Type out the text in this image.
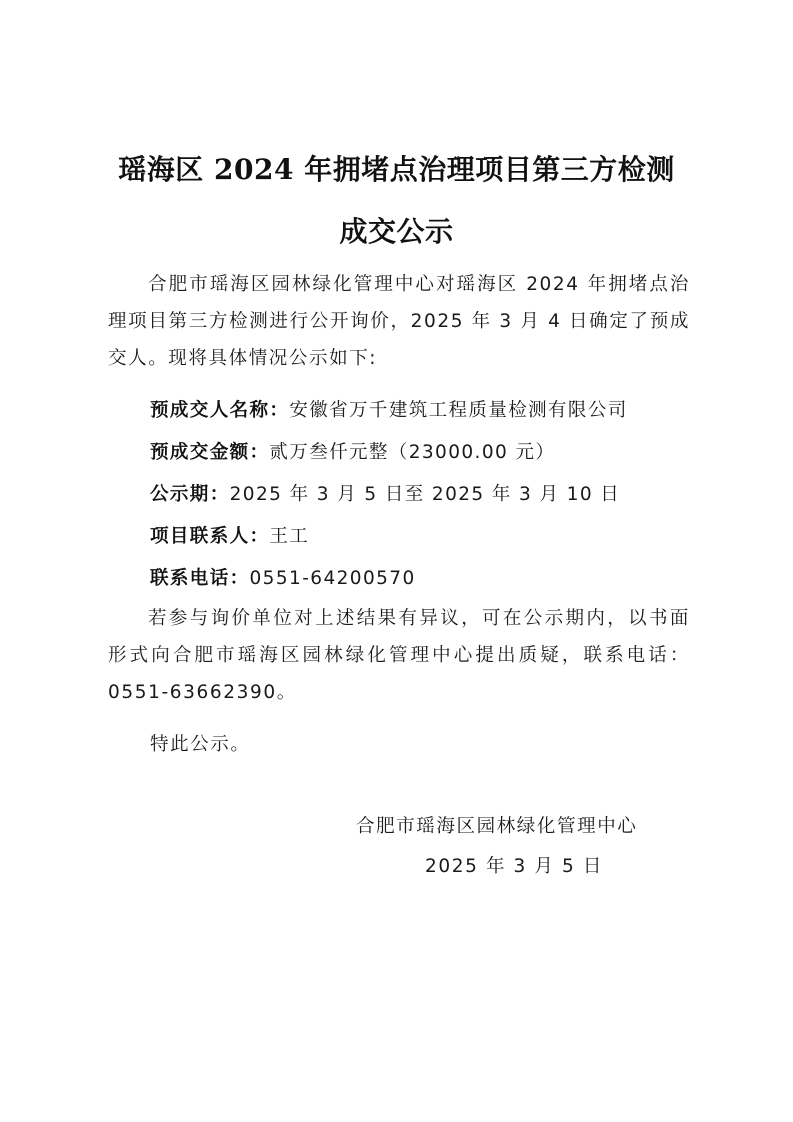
瑶海区 2024 年拥堵点治理项目第三方检测
成交公示
合肥市瑶海区园林绿化管理中心对瑶海区 2024 年拥堵点治理项目第三方检测进行公开询价，2025 年 3 月 4 日确定了预成交人。现将具体情况公示如下:
预成交人名称：安徽省万千建筑工程质量检测有限公司
预成交金额：贰万叁仟元整（23000.00 元）
公示期：2025 年 3 月 5 日至 2025 年 3 月 10 日
项目联系人：王工
联系电话：0551-64200570
若参与询价单位对上述结果有异议，可在公示期内，以书面形式向合肥市瑶海区园林绿化管理中心提出质疑，联系电话：0551-63662390。
特此公示。
合肥市瑶海区园林绿化管理中心
2025 年 3 月 5 日
